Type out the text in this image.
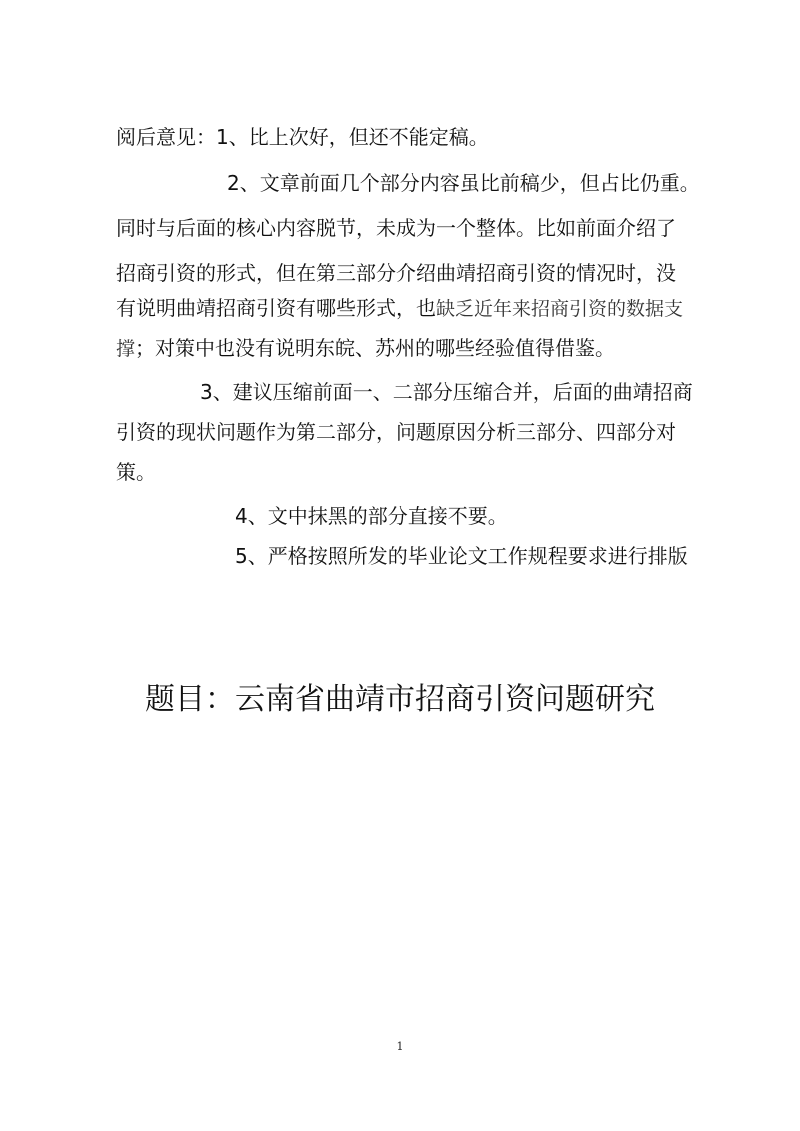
阅后意见：1、比上次好，但还不能定稿。
2、文章前面几个部分内容虽比前稿少，但占比仍重。
同时与后面的核心内容脱节，未成为一个整体。比如前面介绍了
招商引资的形式，但在第三部分介绍曲靖招商引资的情况时，没
有说明曲靖招商引资有哪些形式，也缺乏近年来招商引资的数据支
撑；对策中也没有说明东皖、苏州的哪些经验值得借鉴。
3、建议压缩前面一、二部分压缩合并，后面的曲靖招商
引资的现状问题作为第二部分，问题原因分析三部分、四部分对
策。
4、文中抹黑的部分直接不要。
5、严格按照所发的毕业论文工作规程要求进行排版
题目：云南省曲靖市招商引资问题研究
1
